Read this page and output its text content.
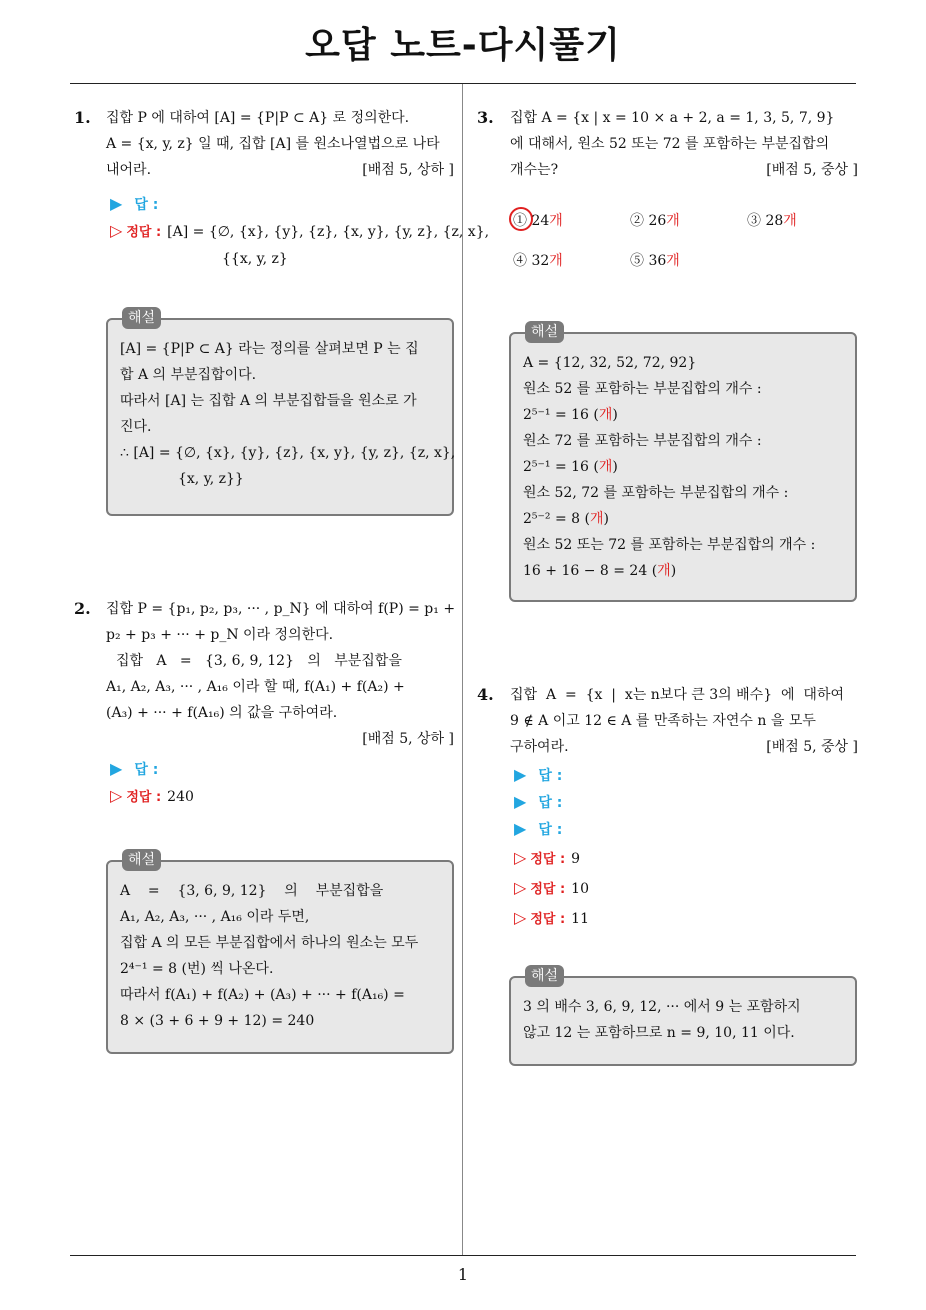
오답 노트-다시풀기
1
1. 집합 P 에 대하여 [A] = {P|P ⊂ A} 로 정의한다.
A = {x, y, z} 일 때, 집합 [A] 를 원소나열법으로 나타
내어라.	[배점 5, 상하 ]
▶ 답 :
▷ 정답 : [A] = {∅, {x}, {y}, {z}, {x, y}, {y, z}, {z, x},
{{x, y, z}
해설
[A] = {P|P ⊂ A} 라는 정의를 살펴보면 P 는 집
합 A 의 부분집합이다.
따라서 [A] 는 집합 A 의 부분집합들을 원소로 가
진다.
∴ [A] = {∅, {x}, {y}, {z}, {x, y}, {y, z}, {z, x},
{x, y, z}}
2. 집합 P = {p₁, p₂, p₃, ··· , p_N} 에 대하여 f(P) = p₁ +
p₂ + p₃ + ··· + p_N 이라 정의한다.
집합   A   =   {3, 6, 9, 12}   의   부분집합을
A₁, A₂, A₃, ··· , A₁₆ 이라 할 때, f(A₁) + f(A₂) +
(A₃) + ··· + f(A₁₆) 의 값을 구하여라.
[배점 5, 상하 ]
▶ 답 :
▷ 정답 : 240
해설
A    =    {3, 6, 9, 12}    의    부분집합을
A₁, A₂, A₃, ··· , A₁₆ 이라 두면,
집합 A 의 모든 부분집합에서 하나의 원소는 모두
2⁴⁻¹ = 8 (번) 씩 나온다.
따라서 f(A₁) + f(A₂) + (A₃) + ··· + f(A₁₆) =
8 × (3 + 6 + 9 + 12) = 240
3. 집합 A = {x | x = 10 × a + 2, a = 1, 3, 5, 7, 9}
에 대해서, 원소 52 또는 72 를 포함하는 부분집합의
개수는?	[배점 5, 중상 ]
① 24개	② 26개	③ 28개
④ 32개	⑤ 36개
해설
A = {12, 32, 52, 72, 92}
원소 52 를 포함하는 부분집합의 개수 :
2⁵⁻¹ = 16 (개)
원소 72 를 포함하는 부분집합의 개수 :
2⁵⁻¹ = 16 (개)
원소 52, 72 를 포함하는 부분집합의 개수 :
2⁵⁻² = 8 (개)
원소 52 또는 72 를 포함하는 부분집합의 개수 :
16 + 16 − 8 = 24 (개)
4. 집합  A  =  {x  |  x는 n보다 큰 3의 배수}  에  대하여
9 ∉ A 이고 12 ∈ A 를 만족하는 자연수 n 을 모두
구하여라.	[배점 5, 중상 ]
▶ 답 :
▶ 답 :
▶ 답 :
▷ 정답 : 9
▷ 정답 : 10
▷ 정답 : 11
해설
3 의 배수 3, 6, 9, 12, ··· 에서 9 는 포함하지
않고 12 는 포함하므로 n = 9, 10, 11 이다.
